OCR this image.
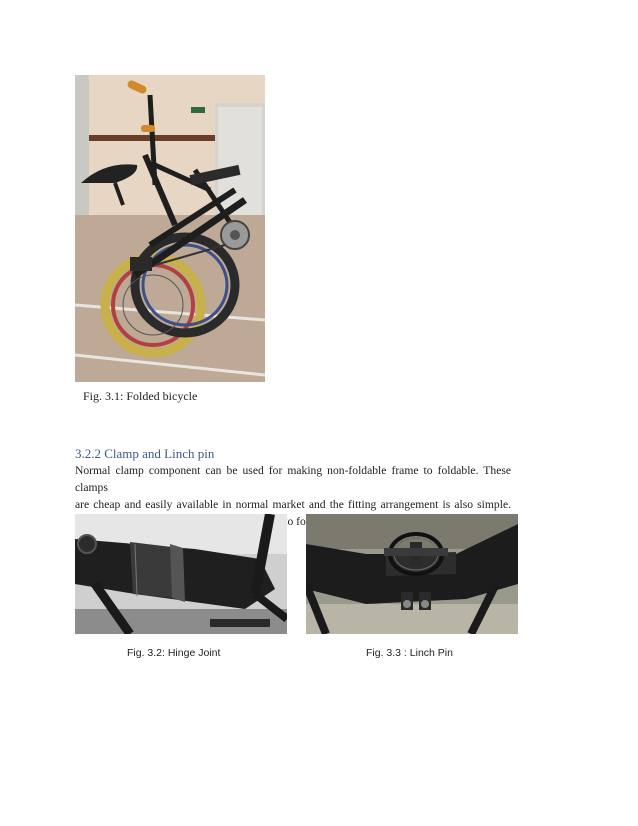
Fig. 3.1: Folded bicycle
3.2.2 Clamp and Linch pin
Normal clamp component can be used for making non-foldable frame to foldable. These clamps
are cheap and easily available in normal market and the fitting arrangement is also simple.
to
Fig. 3.2: Hinge Joint	Fig. 3.3 : Linch Pin
